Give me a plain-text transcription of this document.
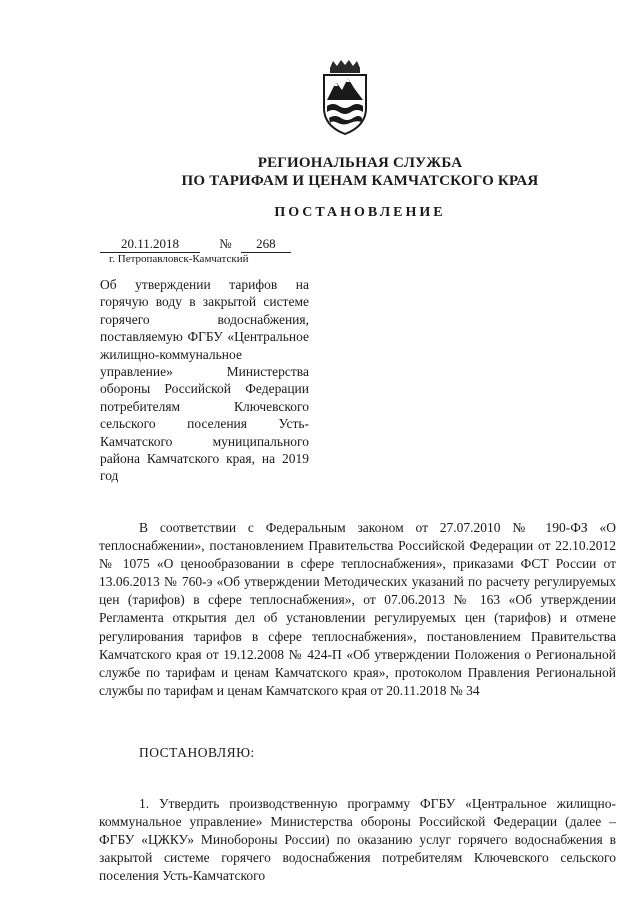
РЕГИОНАЛЬНАЯ СЛУЖБА
ПО ТАРИФАМ И ЦЕНАМ КАМЧАТСКОГО КРАЯ
ПОСТАНОВЛЕНИЕ
20.11.2018	№ 268
г. Петропавловск-Камчатский
Об утверждении тарифов на горячую воду в закрытой системе горячего водоснабжения, поставляемую ФГБУ «Центральное жилищно-коммунальное управление» Министерства обороны Российской Федерации потребителям Ключевского сельского поселения Усть-Камчатского муниципального района Камчатского края, на 2019 год
В соответствии с Федеральным законом от 27.07.2010 № 190-ФЗ «О теплоснабжении», постановлением Правительства Российской Федерации от 22.10.2012 № 1075 «О ценообразовании в сфере теплоснабжения», приказами ФСТ России от 13.06.2013 № 760-э «Об утверждении Методических указаний по расчету регулируемых цен (тарифов) в сфере теплоснабжения», от 07.06.2013 № 163 «Об утверждении Регламента открытия дел об установлении регулируемых цен (тарифов) и отмене регулирования тарифов в сфере теплоснабжения», постановлением Правительства Камчатского края от 19.12.2008 № 424-П «Об утверждении Положения о Региональной службе по тарифам и ценам Камчатского края», протоколом Правления Региональной службы по тарифам и ценам Камчатского края от 20.11.2018 № 34
ПОСТАНОВЛЯЮ:
1. Утвердить производственную программу ФГБУ «Центральное жилищно-коммунальное управление» Министерства обороны Российской Федерации (далее – ФГБУ «ЦЖКУ» Минобороны России) по оказанию услуг горячего водоснабжения в закрытой системе горячего водоснабжения потребителям Ключевского сельского поселения Усть-Камчатского
